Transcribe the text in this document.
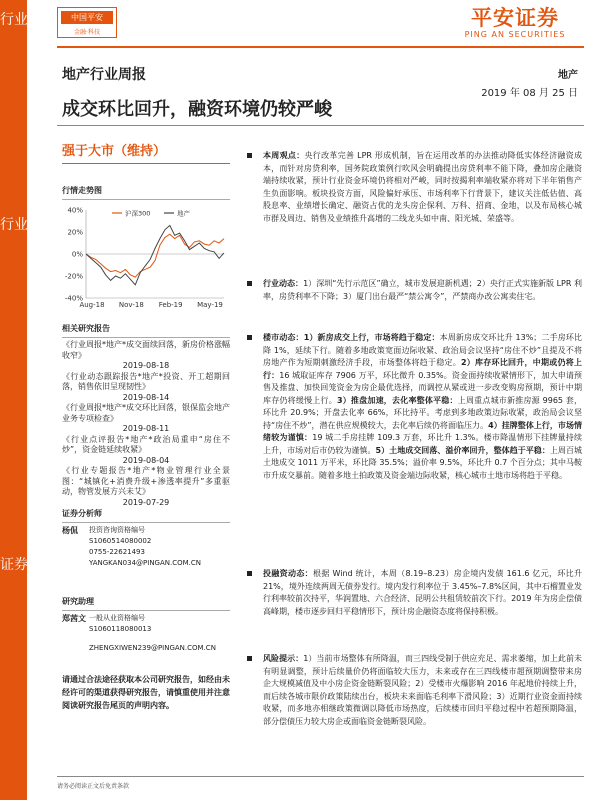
行业报告
行业周报
证券研究报告
中国平安
金融·科技
平安证券
PING AN SECURITIES
地产
地产行业周报
2019 年 08 月 25 日
成交环比回升，融资环境仍较严峻
强于大市（维持）
行情走势图
40%
20%
0%
-20%
-40%
Aug-18 Nov-18 Feb-19 May-19
沪深300	地产
相关研究报告
《行业周报*地产*成交面续回落，新房价格涨幅收窄》
2019-08-18
《行业动态跟踪报告*地产*投资、开工超期回落，销售依旧呈现韧性》
2019-08-14
《行业周报*地产*成交环比回落，银保监会地产业务专项检查》
2019-08-11
《行业点评报告*地产*政治局重申“房住不炒”，资金链延续收紧》
2019-08-04
《行业专题报告*地产*物业管理行业全景图：“城镇化+消费升级+渗透率提升”多重驱动，物管发展方兴未艾》
2019-07-29
证券分析师
杨侃 投资咨询资格编号
S1060514080002
0755-22621493
YANGKAN034@PINGAN.COM.CN
研究助理
郑茜文 一般从业资格编号
S1060118080013
ZHENGXIWEN239@PINGAN.COM.CN
请通过合法途径获取本公司研究报告，如经由未经许可的渠道获得研究报告，请慎重使用并注意阅读研究报告尾页的声明内容。
本周观点：央行改革完善 LPR 形成机制，旨在运用改革的办法推动降低实体经济融资成本，而针对房贷利率，国务院政策例行吹风会明确提出房贷利率不能下降，叠加房企融资端持续收紧，预计行业资金环境仍将相对严峻，同时按揭利率端收紧亦将对下半年销售产生负面影响。板块投资方面，风险偏好承压、市场利率下行背景下，建议关注低估值、高股息率、业绩增长确定、融资占优的龙头房企保利、万科、招商、金地，以及布局核心城市群及周边、销售及业绩推升高增的二线龙头如中南、阳光城、荣盛等。
行业动态：1）深圳“先行示范区”确立，城市发展迎新机遇；2）央行正式实施新版 LPR 利率，房贷利率不下降；3）厦门出台最严“禁公寓令”，严禁商办改公寓卖住宅。
楼市动态：1）新房成交上行，市场将趋于稳定：本周新房成交环比升 13%；二手房环比降 1%，延续下行。随着多地政策宽面边际收紧、政治局会议坚持“房住不炒”且提及不将房地产作为短期刺激经济手段，市场整体将趋于稳定。2）库存环比回升，中期或仍将上行：16 城取证库存 7906 万平，环比微升 0.35%。资金面持续收紧情形下，加大申请预售及推盘、加快回笼资金为房企最优选择，而调控从紧或进一步改变购房预期，预计中期库存仍将缓慢上行。3）推盘加速，去化率整体平稳：上周重点城市新推房源 9965 套，环比升 20.9%；开盘去化率 66%，环比持平。考虑到多地政策边际收紧，政治局会议坚持“房住不炒”，潜在供应规模较大，去化率后续仍将面临压力。4）挂牌整体上行，市场情绪较为谨慎：19 城二手房挂牌 109.3 万套，环比升 1.3%。楼市降温情形下挂牌量持续上升，市场对后市仍较为谨慎。5）土地成交回落、溢价率回升，整体趋于平稳：上周百城土地成交 1011 万平米，环比降 35.5%；溢价率 9.5%，环比升 0.7 个百分点；其中马鞍市升成交暴前。随着多地土拍政策及资金端边际收紧，核心城市土地市场将趋于平稳。
投融资动态：根据 Wind 统计，本周（8.19–8.23）房企境内发债 161.6 亿元，环比升 21%，境外连续两周无债券发行。境内发行利率位于 3.45%–7.8%区间，其中石榴置业发行利率较前次持平，华润置地、六合经济、昆明公共租赁较前次下行。2019 年为房企偿债高峰期，楼市逐步回归平稳情形下，预计房企融资态度将保持积极。
风险提示：1）当前市场整体有所降温，而三四线受制于供应充足、需求萎缩，加上此前未有明显调整，预计后续量价仍将面临较大压力，未来或存在三四线楼市超预期调整带来房企大规模减值及中小房企资金链断裂风险；2）受楼市火爆影响 2016 年起地价持续上升，而后续各城市限价政策陆续出台，板块未来面临毛利率下滑风险；3）近期行业资金面持续收紧，而多地亦相继政策微调以降低市场热度，后续楼市回归平稳过程中若超预期降温，部分偿债压力较大房企或面临资金链断裂风险。
请务必阅读正文后免责条款
